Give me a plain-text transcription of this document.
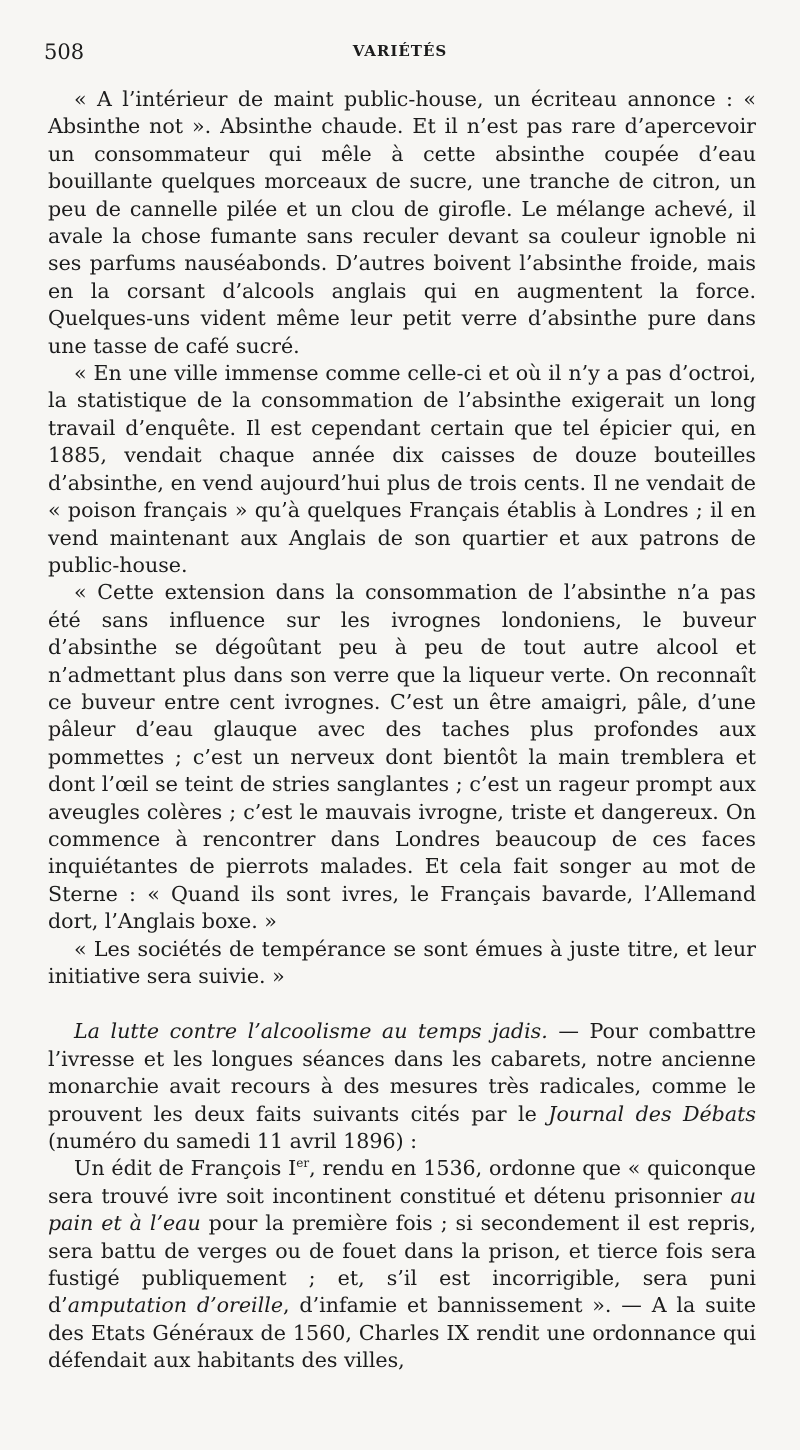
508	VARIÉTÉS

« A l’intérieur de maint public-house, un écriteau annonce : « Absinthe not ». Absinthe chaude. Et il n’est pas rare d’apercevoir un consommateur qui mêle à cette absinthe coupée d’eau bouillante quelques morceaux de sucre, une tranche de citron, un peu de cannelle pilée et un clou de girofle. Le mélange achevé, il avale la chose fumante sans reculer devant sa couleur ignoble ni ses parfums nauséabonds. D’autres boivent l’absinthe froide, mais en la corsant d’alcools anglais qui en augmentent la force. Quelques-uns vident même leur petit verre d’absinthe pure dans une tasse de café sucré.

« En une ville immense comme celle-ci et où il n’y a pas d’octroi, la statistique de la consommation de l’absinthe exigerait un long travail d’enquête. Il est cependant certain que tel épicier qui, en 1885, vendait chaque année dix caisses de douze bouteilles d’absinthe, en vend aujourd’hui plus de trois cents. Il ne vendait de « poison français » qu’à quelques Français établis à Londres ; il en vend maintenant aux Anglais de son quartier et aux patrons de public-house.

« Cette extension dans la consommation de l’absinthe n’a pas été sans influence sur les ivrognes londoniens, le buveur d’absinthe se dégoûtant peu à peu de tout autre alcool et n’admettant plus dans son verre que la liqueur verte. On reconnaît ce buveur entre cent ivrognes. C’est un être amaigri, pâle, d’une pâleur d’eau glauque avec des taches plus profondes aux pommettes ; c’est un nerveux dont bientôt la main tremblera et dont l’œil se teint de stries sanglantes ; c’est un rageur prompt aux aveugles colères ; c’est le mauvais ivrogne, triste et dangereux. On commence à rencontrer dans Londres beaucoup de ces faces inquiétantes de pierrots malades. Et cela fait songer au mot de Sterne : « Quand ils sont ivres, le Français bavarde, l’Allemand dort, l’Anglais boxe. »

« Les sociétés de tempérance se sont émues à juste titre, et leur initiative sera suivie. »

La lutte contre l’alcoolisme au temps jadis. — Pour combattre l’ivresse et les longues séances dans les cabarets, notre ancienne monarchie avait recours à des mesures très radicales, comme le prouvent les deux faits suivants cités par le Journal des Débats (numéro du samedi 11 avril 1896) :

Un édit de François Ier, rendu en 1536, ordonne que « quiconque sera trouvé ivre soit incontinent constitué et détenu prisonnier au pain et à l’eau pour la première fois ; si secondement il est repris, sera battu de verges ou de fouet dans la prison, et tierce fois sera fustigé publiquement ; et, s’il est incorrigible, sera puni d’amputation d’oreille, d’infamie et bannissement ». — A la suite des Etats Généraux de 1560, Charles IX rendit une ordonnance qui défendait aux habitants des villes,
